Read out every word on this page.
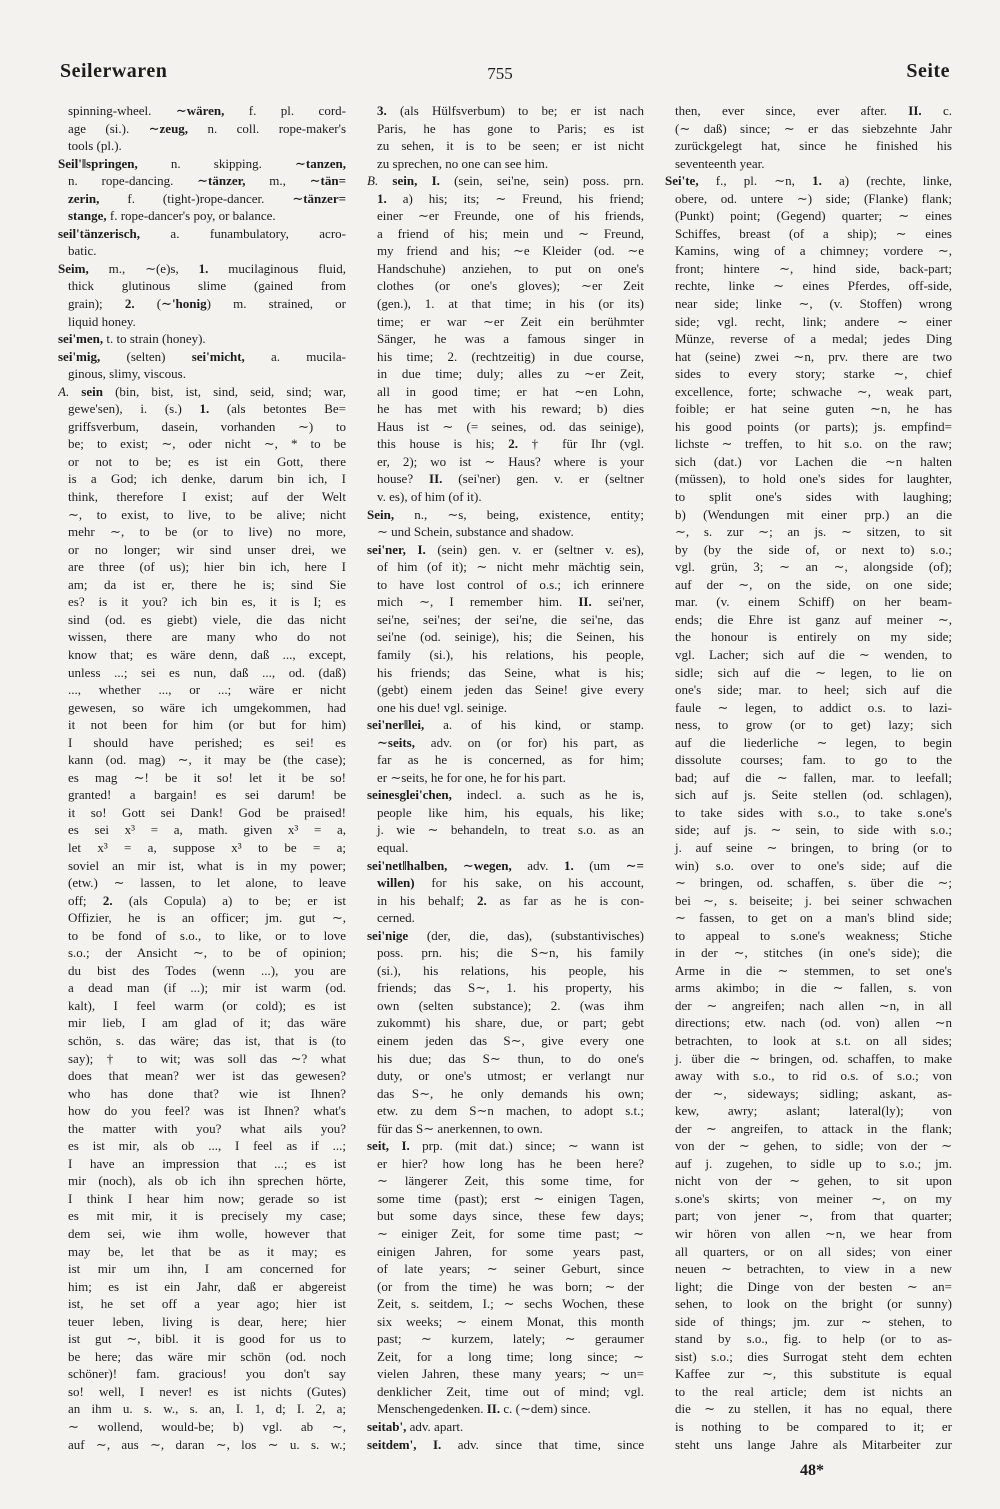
Seilerwaren	755	Seite
spinning-wheel. ∼wären, f. pl. cord-
age (si.). ∼zeug, n. coll. rope-maker's
tools (pl.).
Seil'‖springen, n. skipping. ∼tanzen,
n. rope-dancing. ∼tänzer, m., ∼tän=
zerin, f. (tight-)rope-dancer. ∼tänzer=
stange, f. rope-dancer's poy, or balance.
seil'tänzerisch, a. funambulatory, acro-
batic.
Seim, m., ∼(e)s, 1. mucilaginous fluid,
thick glutinous slime (gained from
grain); 2. (∼'honig) m. strained, or
liquid honey.
sei'men, t. to strain (honey).
sei'mig, (selten) sei'micht, a. mucila-
ginous, slimy, viscous.
A. sein (bin, bist, ist, sind, seid, sind; war,
gewe'sen), i. (s.) 1. (als betontes Be=
griffsverbum, dasein, vorhanden ∼) to
be; to exist; ∼, oder nicht ∼, * to be
or not to be; es ist ein Gott, there
is a God; ich denke, darum bin ich, I
think, therefore I exist; auf der Welt
∼, to exist, to live, to be alive; nicht
mehr ∼, to be (or to live) no more,
or no longer; wir sind unser drei, we
are three (of us); hier bin ich, here I
am; da ist er, there he is; sind Sie
es? is it you? ich bin es, it is I; es
sind (od. es giebt) viele, die das nicht
wissen, there are many who do not
know that; es wäre denn, daß ..., except,
unless ...; sei es nun, daß ..., od. (daß)
..., whether ..., or ...; wäre er nicht
gewesen, so wäre ich umgekommen, had
it not been for him (or but for him)
I should have perished; es sei! es
kann (od. mag) ∼, it may be (the case);
es mag ∼! be it so! let it be so!
granted! a bargain! es sei darum! be
it so! Gott sei Dank! God be praised!
es sei x³ = a, math. given x³ = a,
let x³ = a, suppose x³ to be = a;
soviel an mir ist, what is in my power;
(etw.) ∼ lassen, to let alone, to leave
off; 2. (als Copula) a) to be; er ist
Offizier, he is an officer; jm. gut ∼,
to be fond of s.o., to like, or to love
s.o.; der Ansicht ∼, to be of opinion;
du bist des Todes (wenn ...), you are
a dead man (if ...); mir ist warm (od.
kalt), I feel warm (or cold); es ist
mir lieb, I am glad of it; das wäre
schön, s. das wäre; das ist, that is (to
say); † to wit; was soll das ∼? what
does that mean? wer ist das gewesen?
who has done that? wie ist Ihnen?
how do you feel? was ist Ihnen? what's
the matter with you? what ails you?
es ist mir, als ob ..., I feel as if ...;
I have an impression that ...; es ist
mir (noch), als ob ich ihn sprechen hörte,
I think I hear him now; gerade so ist
es mit mir, it is precisely my case;
dem sei, wie ihm wolle, however that
may be, let that be as it may; es
ist mir um ihn, I am concerned for
him; es ist ein Jahr, daß er abgereist
ist, he set off a year ago; hier ist
teuer leben, living is dear, here; hier
ist gut ∼, bibl. it is good for us to
be here; das wäre mir schön (od. noch
schöner)! fam. gracious! you don't say
so! well, I never! es ist nichts (Gutes)
an ihm u. s. w., s. an, I. 1, d; I. 2, a;
∼ wollend, would-be; b) vgl. ab ∼,
auf ∼, aus ∼, daran ∼, los ∼ u. s. w.;
3. (als Hülfsverbum) to be; er ist nach
Paris, he has gone to Paris; es ist
zu sehen, it is to be seen; er ist nicht
zu sprechen, no one can see him.
B. sein, I. (sein, sei'ne, sein) poss. prn.
1. a) his; its; ∼ Freund, his friend;
einer ∼er Freunde, one of his friends,
a friend of his; mein und ∼ Freund,
my friend and his; ∼e Kleider (od. ∼e
Handschuhe) anziehen, to put on one's
clothes (or one's gloves); ∼er Zeit
(gen.), 1. at that time; in his (or its)
time; er war ∼er Zeit ein berühmter
Sänger, he was a famous singer in
his time; 2. (rechtzeitig) in due course,
in due time; duly; alles zu ∼er Zeit,
all in good time; er hat ∼en Lohn,
he has met with his reward; b) dies
Haus ist ∼ (= seines, od. das seinige),
this house is his; 2. † für Ihr (vgl.
er, 2); wo ist ∼ Haus? where is your
house? II. (sei'ner) gen. v. er (seltner
v. es), of him (of it).
Sein, n., ∼s, being, existence, entity;
∼ und Schein, substance and shadow.
sei'ner, I. (sein) gen. v. er (seltner v. es),
of him (of it); ∼ nicht mehr mächtig sein,
to have lost control of o.s.; ich erinnere
mich ∼, I remember him. II. sei'ner,
sei'ne, sei'nes; der sei'ne, die sei'ne, das
sei'ne (od. seinige), his; die Seinen, his
family (si.), his relations, his people,
his friends; das Seine, what is his;
(gebt) einem jeden das Seine! give every
one his due! vgl. seinige.
sei'ner‖lei, a. of his kind, or stamp.
∼seits, adv. on (or for) his part, as
far as he is concerned, as for him;
er ∼seits, he for one, he for his part.
seinesglei'chen, indecl. a. such as he is,
people like him, his equals, his like;
j. wie ∼ behandeln, to treat s.o. as an
equal.
sei'net‖halben, ∼wegen, adv. 1. (um ∼=
willen) for his sake, on his account,
in his behalf; 2. as far as he is con-
cerned.
sei'nige (der, die, das), (substantivisches)
poss. prn. his; die S∼n, his family
(si.), his relations, his people, his
friends; das S∼, 1. his property, his
own (selten substance); 2. (was ihm
zukommt) his share, due, or part; gebt
einem jeden das S∼, give every one
his due; das S∼ thun, to do one's
duty, or one's utmost; er verlangt nur
das S∼, he only demands his own;
etw. zu dem S∼n machen, to adopt s.t.;
für das S∼ anerkennen, to own.
seit, I. prp. (mit dat.) since; ∼ wann ist
er hier? how long has he been here?
∼ längerer Zeit, this some time, for
some time (past); erst ∼ einigen Tagen,
but some days since, these few days;
∼ einiger Zeit, for some time past; ∼
einigen Jahren, for some years past,
of late years; ∼ seiner Geburt, since
(or from the time) he was born; ∼ der
Zeit, s. seitdem, I.; ∼ sechs Wochen, these
six weeks; ∼ einem Monat, this month
past; ∼ kurzem, lately; ∼ geraumer
Zeit, for a long time; long since; ∼
vielen Jahren, these many years; ∼ un=
denklicher Zeit, time out of mind; vgl.
Menschengedenken. II. c. (∼dem) since.
seitab', adv. apart.
seitdem', I. adv. since that time, since
then, ever since, ever after. II. c.
(∼ daß) since; ∼ er das siebzehnte Jahr
zurückgelegt hat, since he finished his
seventeenth year.
Sei'te, f., pl. ∼n, 1. a) (rechte, linke,
obere, od. untere ∼) side; (Flanke) flank;
(Punkt) point; (Gegend) quarter; ∼ eines
Schiffes, breast (of a ship); ∼ eines
Kamins, wing of a chimney; vordere ∼,
front; hintere ∼, hind side, back-part;
rechte, linke ∼ eines Pferdes, off-side,
near side; linke ∼, (v. Stoffen) wrong
side; vgl. recht, link; andere ∼ einer
Münze, reverse of a medal; jedes Ding
hat (seine) zwei ∼n, prv. there are two
sides to every story; starke ∼, chief
excellence, forte; schwache ∼, weak part,
foible; er hat seine guten ∼n, he has
his good points (or parts); js. empfind=
lichste ∼ treffen, to hit s.o. on the raw;
sich (dat.) vor Lachen die ∼n halten
(müssen), to hold one's sides for laughter,
to split one's sides with laughing;
b) (Wendungen mit einer prp.) an die
∼, s. zur ∼; an js. ∼ sitzen, to sit
by (by the side of, or next to) s.o.;
vgl. grün, 3; ∼ an ∼, alongside (of);
auf der ∼, on the side, on one side;
mar. (v. einem Schiff) on her beam-
ends; die Ehre ist ganz auf meiner ∼,
the honour is entirely on my side;
vgl. Lacher; sich auf die ∼ wenden, to
sidle; sich auf die ∼ legen, to lie on
one's side; mar. to heel; sich auf die
faule ∼ legen, to addict o.s. to lazi-
ness, to grow (or to get) lazy; sich
auf die liederliche ∼ legen, to begin
dissolute courses; fam. to go to the
bad; auf die ∼ fallen, mar. to leefall;
sich auf js. Seite stellen (od. schlagen),
to take sides with s.o., to take s.one's
side; auf js. ∼ sein, to side with s.o.;
j. auf seine ∼ bringen, to bring (or to
win) s.o. over to one's side; auf die
∼ bringen, od. schaffen, s. über die ∼;
bei ∼, s. beiseite; j. bei seiner schwachen
∼ fassen, to get on a man's blind side;
to appeal to s.one's weakness; Stiche
in der ∼, stitches (in one's side); die
Arme in die ∼ stemmen, to set one's
arms akimbo; in die ∼ fallen, s. von
der ∼ angreifen; nach allen ∼n, in all
directions; etw. nach (od. von) allen ∼n
betrachten, to look at s.t. on all sides;
j. über die ∼ bringen, od. schaffen, to make
away with s.o., to rid o.s. of s.o.; von
der ∼, sideways; sidling; askant, as-
kew, awry; aslant; lateral(ly); von
der ∼ angreifen, to attack in the flank;
von der ∼ gehen, to sidle; von der ∼
auf j. zugehen, to sidle up to s.o.; jm.
nicht von der ∼ gehen, to sit upon
s.one's skirts; von meiner ∼, on my
part; von jener ∼, from that quarter;
wir hören von allen ∼n, we hear from
all quarters, or on all sides; von einer
neuen ∼ betrachten, to view in a new
light; die Dinge von der besten ∼ an=
sehen, to look on the bright (or sunny)
side of things; jm. zur ∼ stehen, to
stand by s.o., fig. to help (or to as-
sist) s.o.; dies Surrogat steht dem echten
Kaffee zur ∼, this substitute is equal
to the real article; dem ist nichts an
die ∼ zu stellen, it has no equal, there
is nothing to be compared to it; er
steht uns lange Jahre als Mitarbeiter zur
48*
